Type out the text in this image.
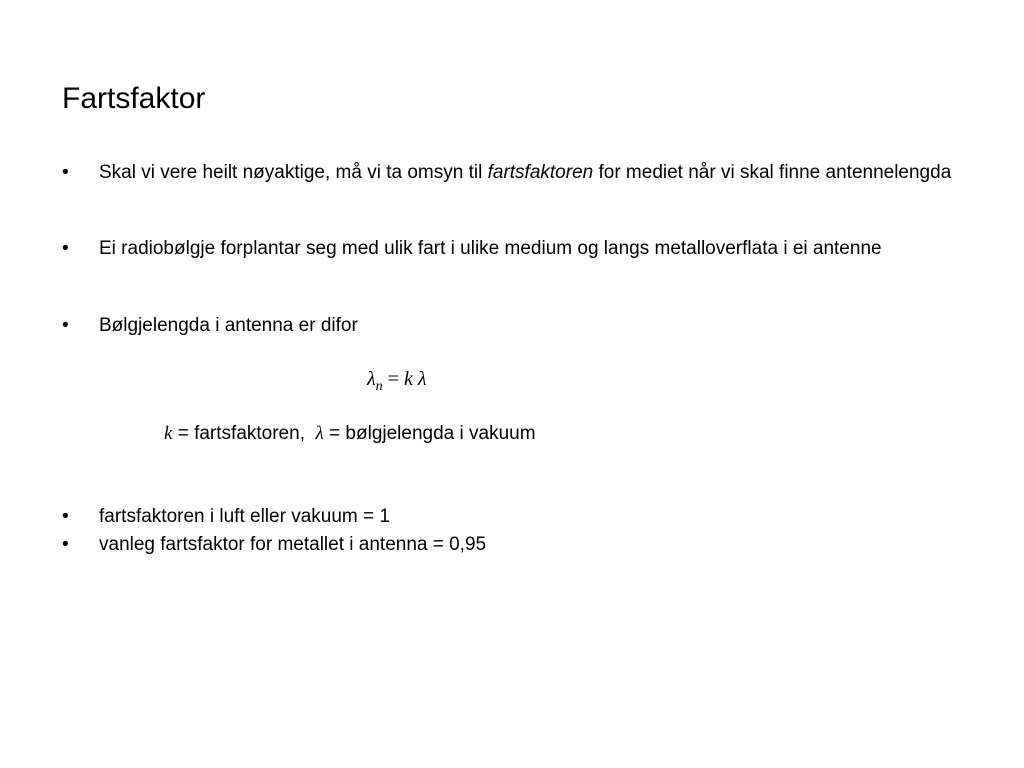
Fartsfaktor
• Skal vi vere heilt nøyaktige, må vi ta omsyn til fartsfaktoren for mediet når vi skal finne antennelengda
• Ei radiobølgje forplantar seg med ulik fart i ulike medium og langs metalloverflata i ei antenne
• Bølgjelengda i antenna er difor
$\lambda_n = k$ λ
k = fartsfaktoren,  λ = bølgjelengda i vakuum
• fartsfaktoren i luft eller vakuum = 1
• vanleg fartsfaktor for metallet i antenna = 0,95
